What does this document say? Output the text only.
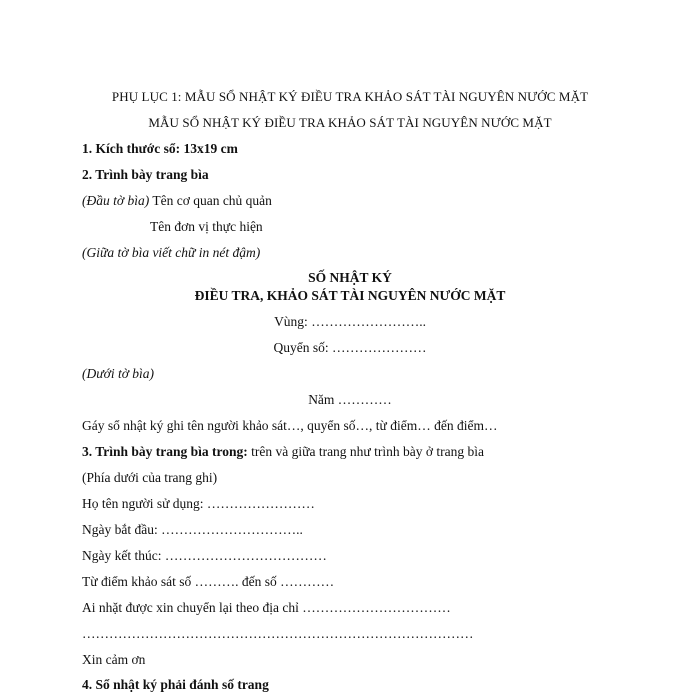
PHỤ LỤC 1: MẪU SỔ NHẬT KÝ ĐIỀU TRA KHẢO SÁT TÀI NGUYÊN NƯỚC MẶT
MẪU SỔ NHẬT KÝ ĐIỀU TRA KHẢO SÁT TÀI NGUYÊN NƯỚC MẶT
1. Kích thước sổ: 13x19 cm
2. Trình bày trang bìa
(Đầu tờ bìa) Tên cơ quan chủ quản
Tên đơn vị thực hiện
(Giữa tờ bìa viết chữ in nét đậm)
SỐ NHẬT KÝ
ĐIỀU TRA, KHẢO SÁT TÀI NGUYÊN NƯỚC MẶT
Vùng: ……………………..
Quyển số: …………………
(Dưới tờ bìa)
Năm …………
Gáy sổ nhật ký ghi tên người khảo sát…, quyển số…, từ điểm… đến điểm…
3. Trình bày trang bìa trong: trên và giữa trang như trình bày ở trang bìa
(Phía dưới của trang ghi)
Họ tên người sử dụng: ……………………
Ngày bắt đầu: …………………………..
Ngày kết thúc: ………………………………
Từ điểm khảo sát số ………. đến số …………
Ai nhặt được xin chuyển lại theo địa chỉ ……………………………
……………………………………………………………………………
Xin cảm ơn
4. Sổ nhật ký phải đánh số trang
